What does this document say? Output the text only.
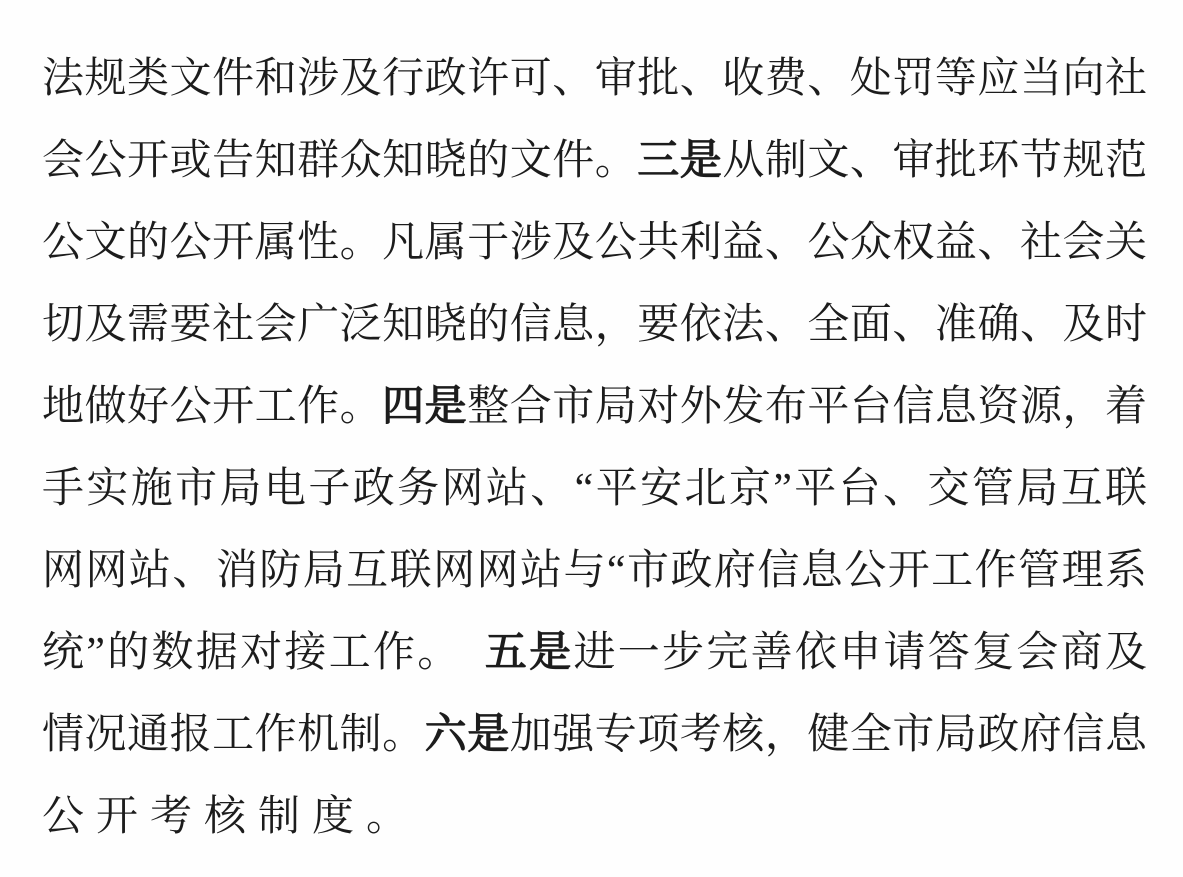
法规类文件和涉及行政许可、审批、收费、处罚等应当向社
会公开或告知群众知晓的文件。三是从制文、审批环节规范
公文的公开属性。凡属于涉及公共利益、公众权益、社会关
切及需要社会广泛知晓的信息，要依法、全面、准确、及时
地做好公开工作。四是整合市局对外发布平台信息资源，着
手实施市局电子政务网站、“平安北京”平台、交管局互联
网网站、消防局互联网网站与“市政府信息公开工作管理系
统”的数据对接工作。　五是进一步完善依申请答复会商及
情况通报工作机制。六是加强专项考核，健全市局政府信息
公开考核制度。
